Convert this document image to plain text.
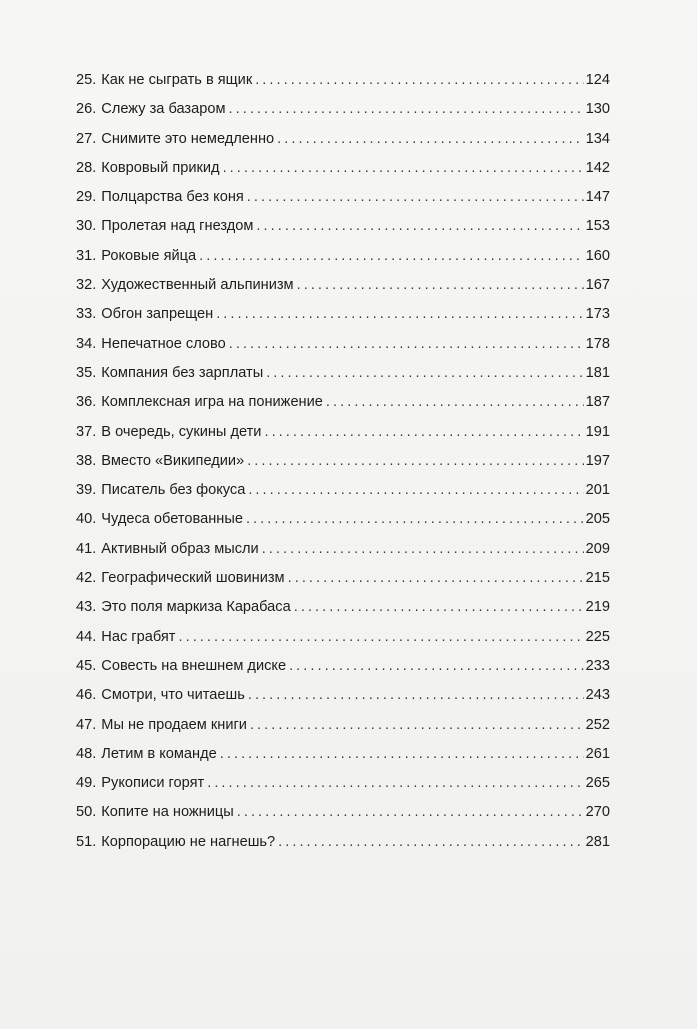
25. Как не сыграть в ящик . . .	124
26. Слежу за базаром . . .	130
27. Снимите это немедленно . . .	134
28. Ковровый прикид . . .	142
29. Полцарства без коня . . .	147
30. Пролетая над гнездом . . .	153
31. Роковые яйца . . .	160
32. Художественный альпинизм . . .	167
33. Обгон запрещен . . .	173
34. Непечатное слово . . .	178
35. Компания без зарплаты . . .	181
36. Комплексная игра на понижение . . .	187
37. В очередь, сукины дети . . .	191
38. Вместо «Википедии» . . .	197
39. Писатель без фокуса . . .	201
40. Чудеса обетованные . . .	205
41. Активный образ мысли . . .	209
42. Географический шовинизм . . .	215
43. Это поля маркиза Карабаса . . .	219
44. Нас грабят . . .	225
45. Совесть на внешнем диске . . .	233
46. Смотри, что читаешь . . .	243
47. Мы не продаем книги . . .	252
48. Летим в команде . . .	261
49. Рукописи горят . . .	265
50. Копите на ножницы . . .	270
51. Корпорацию не нагнешь? . . .	281
